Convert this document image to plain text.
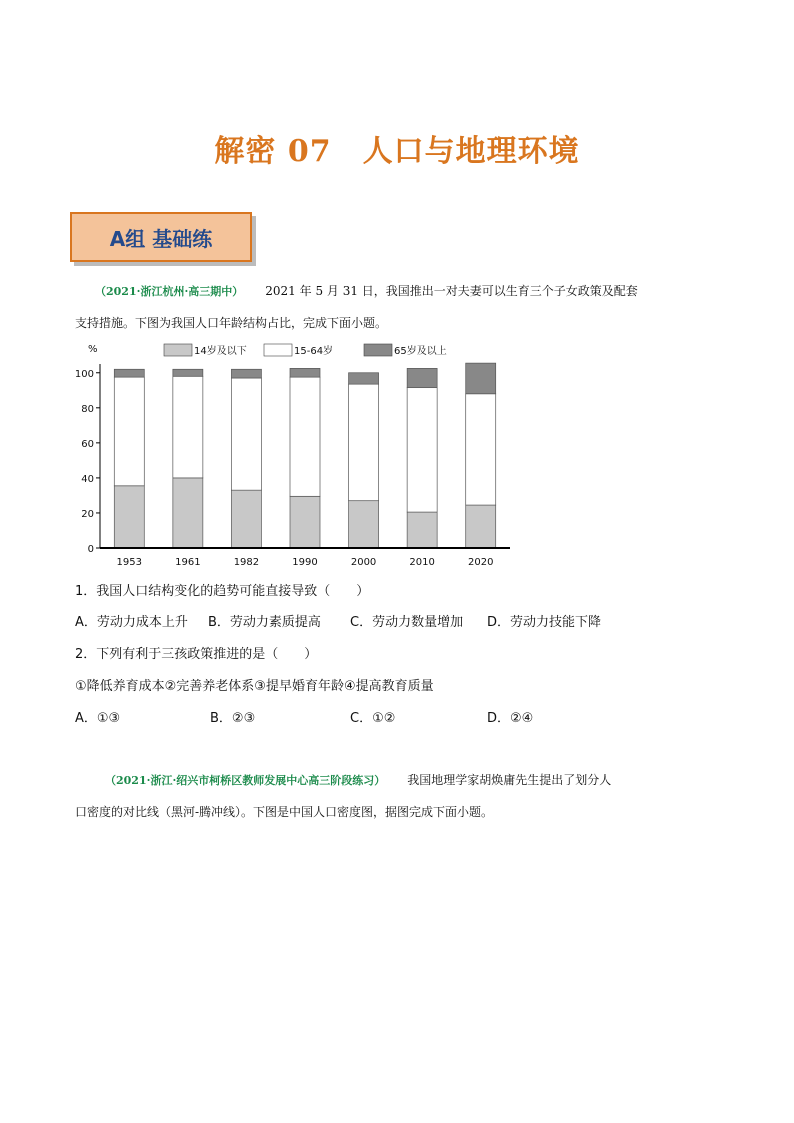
解密 07　人口与地理环境
A组 基础练
（2021·浙江杭州·高三期中） 2021 年 5 月 31 日，我国推出一对夫妻可以生育三个子女政策及配套
支持措施。下图为我国人口年龄结构占比，完成下面小题。
%	14岁及以下	15-64岁	65岁及以上
0
20
40
60
80
100
1953	1961	1982	1990	2000	2010	2020
1．我国人口结构变化的趋势可能直接导致（　　）
A．劳动力成本上升 B．劳动力素质提高 C．劳动力数量增加 D．劳动力技能下降
2．下列有利于三孩政策推进的是（　　）
①降低养育成本②完善养老体系③提早婚育年龄④提高教育质量
A．①③	B．②③	C．①②	D．②④
（2021·浙江·绍兴市柯桥区教师发展中心高三阶段练习） 我国地理学家胡焕庸先生提出了划分人
口密度的对比线（黑河-腾冲线）。下图是中国人口密度图，据图完成下面小题。
